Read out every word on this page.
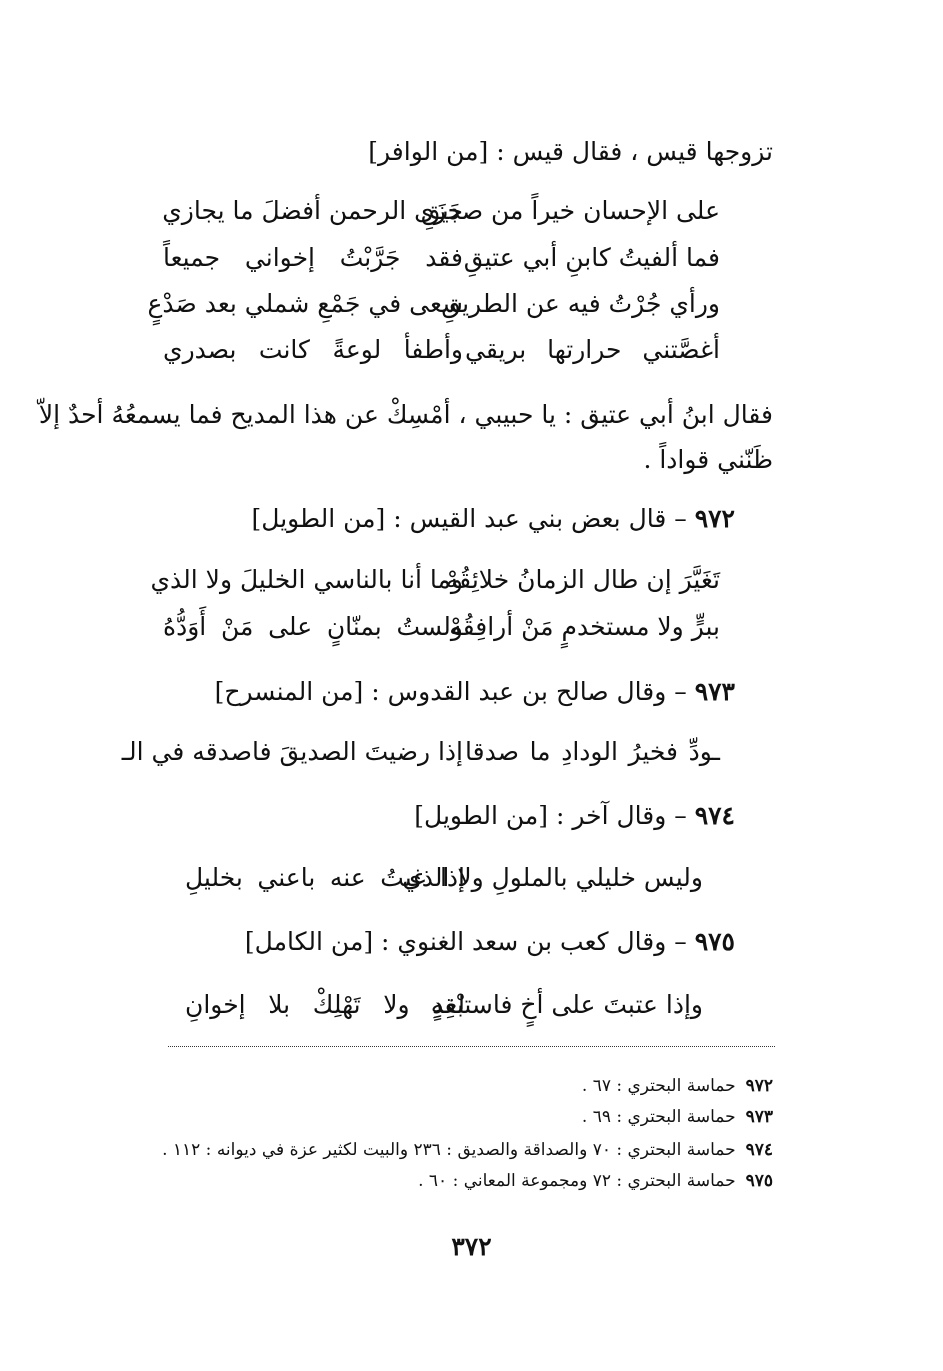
تزوجها قيس ، فقال قيس : [من الوافر]
جَزَى الرحمن أفضلَ ما يجازي
على الإحسان خيراً من صديقِ
فقد جَرَّبْتُ إخواني جميعاً فما ألفيتُ كابنِ أبي عتيقِ
سعى في جَمْعِ شملي بعد صَدْعٍ
ورأي جُرْتُ فيه عن الطريقِ
وأطفأ لوعةً كانت بصدري أغصَّتني حرارتها بريقي
فقال ابنُ أبي عتيق : يا حبيبي ، أمْسِكْ عن هذا المديح فما يسمعُهُ أحدٌ إلاّ
ظَنّني قواداً .
٩٧٢ – قال بعض بني عبد القيس : [من الطويل]
وما أنا بالناسي الخليلَ ولا الذي
تَغَيَّرَ إن طال الزمانُ خلائِقُهْ
ولستُ بمنّانٍ على مَنْ أَوَدُّهُ
ببرٍّ ولا مستخدمٍ مَنْ أرافِقُهْ
٩٧٣ – وقال صالح بن عبد القدوس : [من المنسرح]
إذا رضيتَ الصديقَ فاصدقه في الـ ـودِّ فخيرُ الودادِ ما صدقا
٩٧٤ – وقال آخر : [من الطويل]
وليس خليلي بالملولِ ولا الذي
إذا غبتُ عنه باعني بخليلِ
٩٧٥ – وقال كعب بن سعد الغنوي : [من الكامل]
وإذا عتبتَ على أخٍ فاستبْقِهِ
لغدٍ ولا تَهْلِكْ بلا إخوانِ
٩٧٢حماسة البحتري : ٦٧ .
٩٧٣حماسة البحتري : ٦٩ .
٩٧٤حماسة البحتري : ٧٠ والصداقة والصديق : ٢٣٦ والبيت لكثير عزة في ديوانه : ١١٢ .
٩٧٥حماسة البحتري : ٧٢ ومجموعة المعاني : ٦٠ .
٣٧٢
